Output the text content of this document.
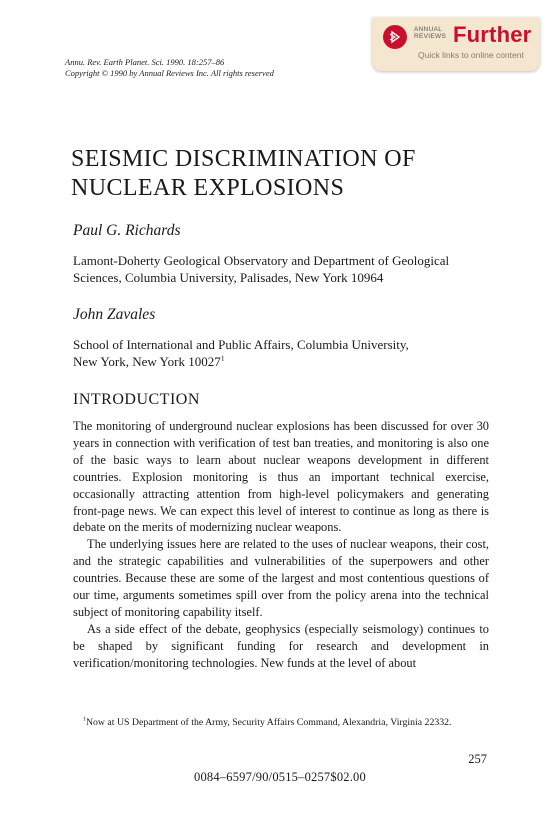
Annu. Rev. Earth Planet. Sci. 1990. 18:257–86
Copyright © 1990 by Annual Reviews Inc. All rights reserved
ANNUAL
REVIEWS Further
Quick links to online content
SEISMIC DISCRIMINATION OF
NUCLEAR EXPLOSIONS
Paul G. Richards

Lamont-Doherty Geological Observatory and Department of Geological
Sciences, Columbia University, Palisades, New York 10964

John Zavales

School of International and Public Affairs, Columbia University,
New York, New York 10027$^1$

INTRODUCTION

The monitoring of underground nuclear explosions has been discussed for over 30 years in connection with verification of test ban treaties, and monitoring is also one of the basic ways to learn about nuclear weapons development in different countries. Explosion monitoring is thus an important technical exercise, occasionally attracting attention from high-level policymakers and generating front-page news. We can expect this level of interest to continue as long as there is debate on the merits of modernizing nuclear weapons.

The underlying issues here are related to the uses of nuclear weapons, their cost, and the strategic capabilities and vulnerabilities of the superpowers and other countries. Because these are some of the largest and most contentious questions of our time, arguments sometimes spill over from the policy arena into the technical subject of monitoring capability itself.

As a side effect of the debate, geophysics (especially seismology) continues to be shaped by significant funding for research and development in verification/monitoring technologies. New funds at the level of about

$^1$Now at US Department of the Army, Security Affairs Command, Alexandria, Virginia 22332.

257
0084–6597/90/0515–0257$02.00
